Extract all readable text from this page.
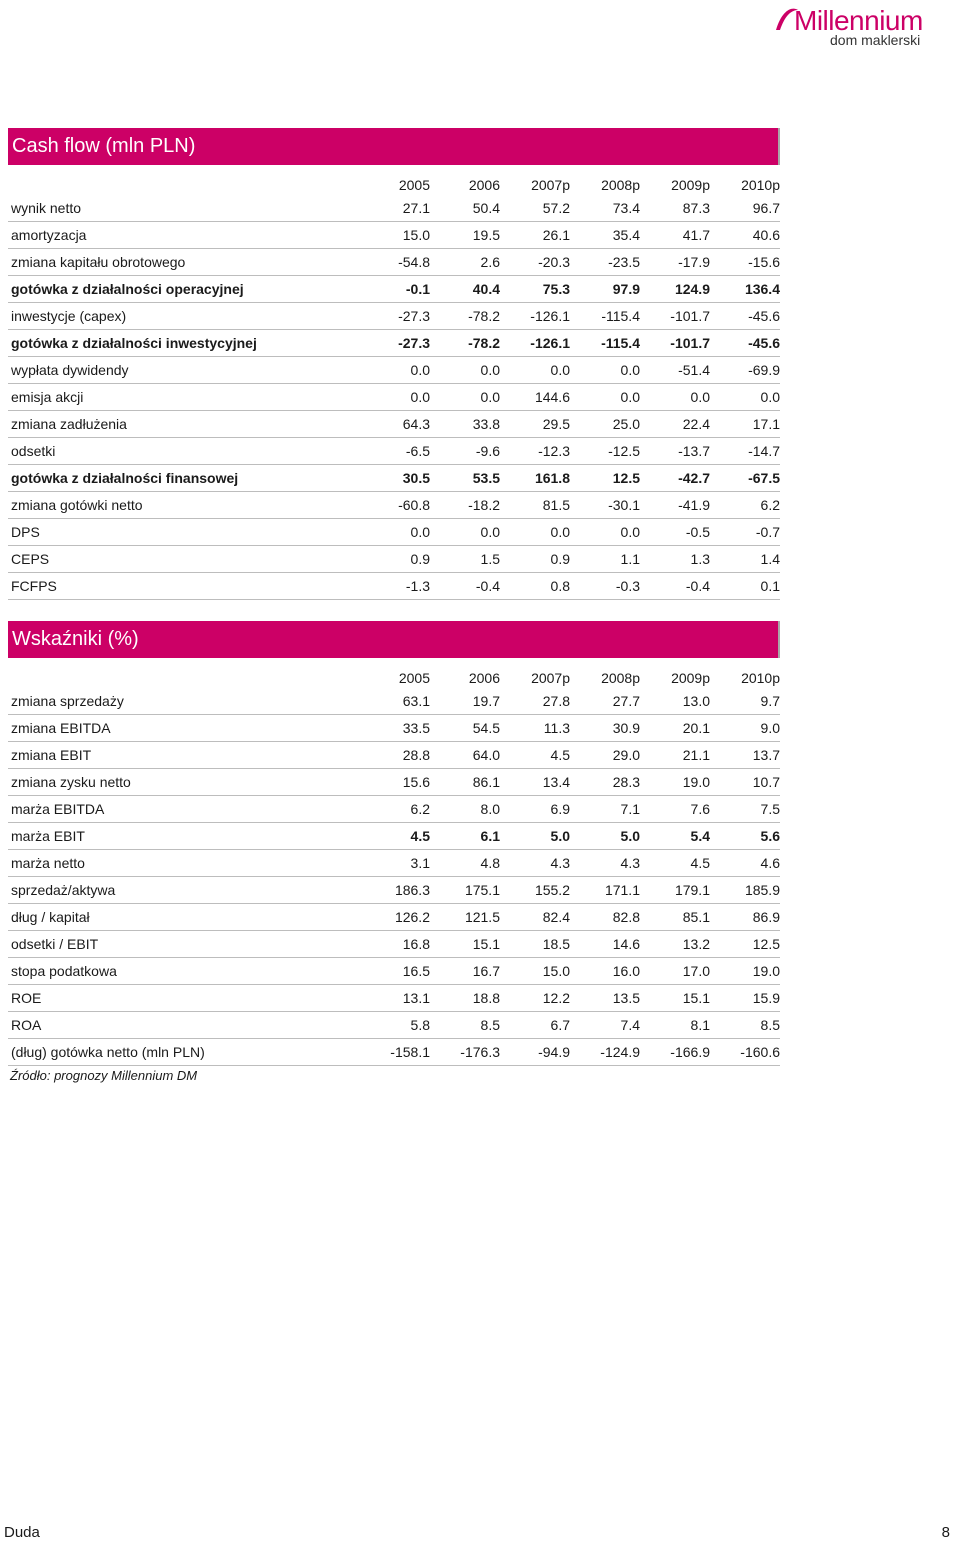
Millennium
dom maklerski
Cash flow (mln PLN)
2005	2006	2007p	2008p	2009p	2010p
wynik netto	27.1	50.4	57.2	73.4	87.3	96.7
amortyzacja	15.0	19.5	26.1	35.4	41.7	40.6
zmiana kapitału obrotowego	-54.8	2.6	-20.3	-23.5	-17.9	-15.6
gotówka z działalności operacyjnej	-0.1	40.4	75.3	97.9	124.9	136.4
inwestycje (capex)	-27.3	-78.2	-126.1	-115.4	-101.7	-45.6
gotówka z działalności inwestycyjnej	-27.3	-78.2	-126.1	-115.4	-101.7	-45.6
wypłata dywidendy	0.0	0.0	0.0	0.0	-51.4	-69.9
emisja akcji	0.0	0.0	144.6	0.0	0.0	0.0
zmiana zadłużenia	64.3	33.8	29.5	25.0	22.4	17.1
odsetki	-6.5	-9.6	-12.3	-12.5	-13.7	-14.7
gotówka z działalności finansowej	30.5	53.5	161.8	12.5	-42.7	-67.5
zmiana gotówki netto	-60.8	-18.2	81.5	-30.1	-41.9	6.2
DPS	0.0	0.0	0.0	0.0	-0.5	-0.7
CEPS	0.9	1.5	0.9	1.1	1.3	1.4
FCFPS	-1.3	-0.4	0.8	-0.3	-0.4	0.1
Wskaźniki (%)
2005	2006	2007p	2008p	2009p	2010p
zmiana sprzedaży	63.1	19.7	27.8	27.7	13.0	9.7
zmiana EBITDA	33.5	54.5	11.3	30.9	20.1	9.0
zmiana EBIT	28.8	64.0	4.5	29.0	21.1	13.7
zmiana zysku netto	15.6	86.1	13.4	28.3	19.0	10.7
marża EBITDA	6.2	8.0	6.9	7.1	7.6	7.5
marża EBIT	4.5	6.1	5.0	5.0	5.4	5.6
marża netto	3.1	4.8	4.3	4.3	4.5	4.6
sprzedaż/aktywa	186.3	175.1	155.2	171.1	179.1	185.9
dług / kapitał	126.2	121.5	82.4	82.8	85.1	86.9
odsetki / EBIT	16.8	15.1	18.5	14.6	13.2	12.5
stopa podatkowa	16.5	16.7	15.0	16.0	17.0	19.0
ROE	13.1	18.8	12.2	13.5	15.1	15.9
ROA	5.8	8.5	6.7	7.4	8.1	8.5
(dług) gotówka netto (mln PLN)	-158.1	-176.3	-94.9	-124.9	-166.9	-160.6
Źródło: prognozy Millennium DM
Duda	8
